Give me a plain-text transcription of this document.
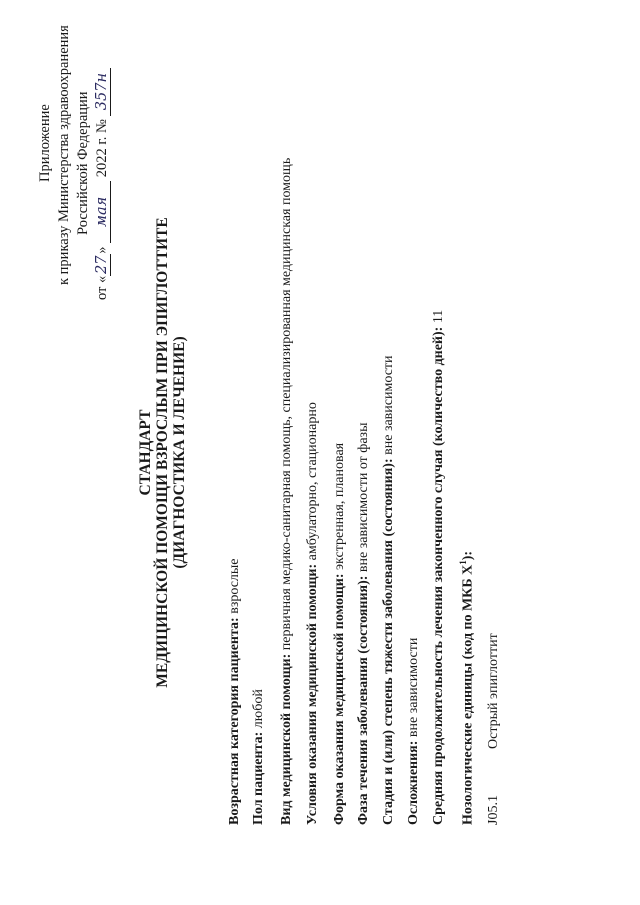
Приложение к приказу Министерства здравоохранения Российской Федерации
от «27» мая 2022 г. № 357н
СТАНДАРТ МЕДИЦИНСКОЙ ПОМОЩИ ВЗРОСЛЫМ ПРИ ЭПИГЛОТТИТЕ (ДИАГНОСТИКА И ЛЕЧЕНИЕ)
Возрастная категория пациента: взрослые
Пол пациента: любой Вид медицинской помощи: первичная медико-санитарная помощь, специализированная медицинская помощь
Условия оказания медицинской помощи: амбулаторно, стационарно
Форма оказания медицинской помощи: экстренная, плановая
Фаза течения заболевания (состояния): вне зависимости от фазы Стадия и (или) степень тяжести заболевания (состояния): вне зависимости
Осложнения: вне зависимости Средняя продолжительность лечения законченного случая (количество дней): 11
Нозологические единицы (код по МКБ $X^1$):
J05.1
Острый эпиглоттит
